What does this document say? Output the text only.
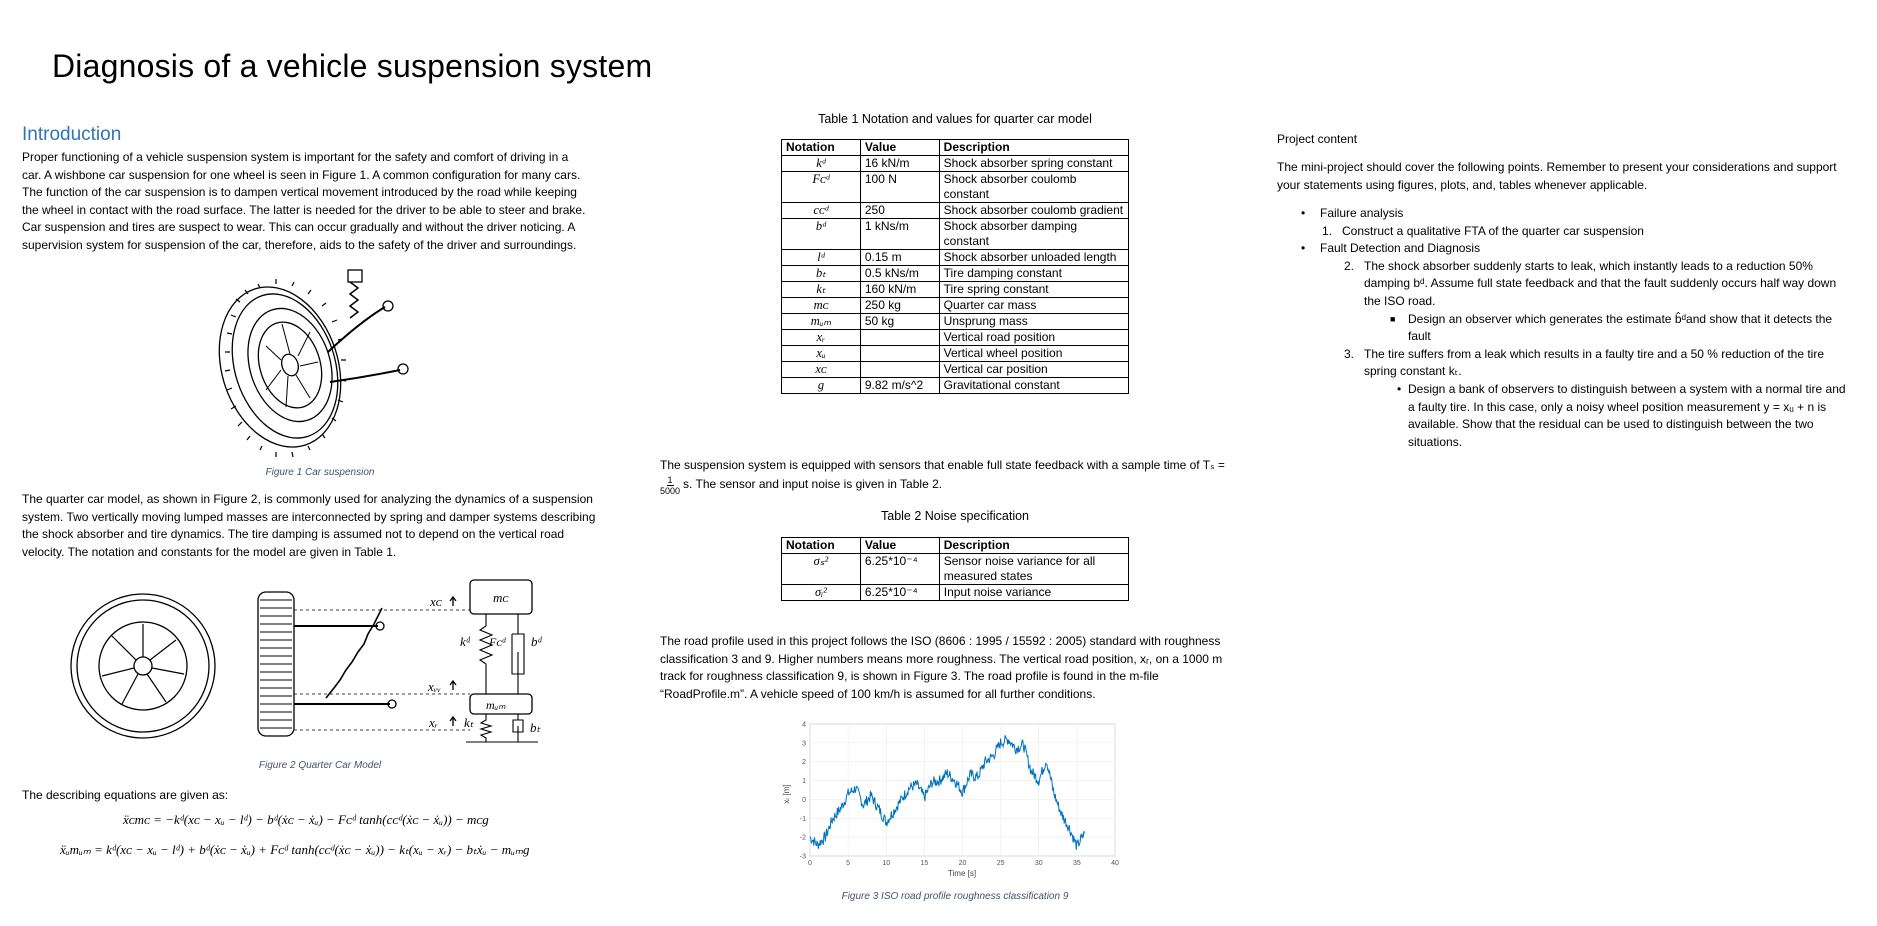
Diagnosis of a vehicle suspension system
Introduction
Proper functioning of a vehicle suspension system is important for the safety and comfort of driving in a
car. A wishbone car suspension for one wheel is seen in Figure 1. A common configuration for many cars.
The function of the car suspension is to dampen vertical movement introduced by the road while keeping
the wheel in contact with the road surface. The latter is needed for the driver to be able to steer and brake.
Car suspension and tires are suspect to wear. This can occur gradually and without the driver noticing. A
supervision system for suspension of the car, therefore, aids to the safety of the driver and surroundings.
Figure 1 Car suspension
The quarter car model, as shown in Figure 2, is commonly used for analyzing the dynamics of a suspension
system. Two vertically moving lumped masses are interconnected by spring and damper systems describing
the shock absorber and tire dynamics. The tire damping is assumed not to depend on the vertical road
velocity. The notation and constants for the model are given in Table 1.
mᴄ
mᵤₘ
xᴄ
xᵥᵥ
xᵣ
kᵈ Fᴄᵈ bᵈ
kₜ	bₜ
Figure 2 Quarter Car Model
The describing equations are given as:
ẍᴄmᴄ = −kᵈ(xᴄ − xᵤ − lᵈ) − bᵈ(ẋᴄ − ẋᵤ) − Fᴄᵈ tanh(cᴄᵈ(ẋᴄ − ẋᵤ)) − mᴄg
ẍᵤmᵤₘ = kᵈ(xᴄ − xᵤ − lᵈ) + bᵈ(ẋᴄ − ẋᵤ) + Fᴄᵈ tanh(cᴄᵈ(ẋᴄ − ẋᵤ)) − kₜ(xᵤ − xᵣ) − bₜẋᵤ − mᵤₘg
Table 1 Notation and values for quarter car model
Notation	Value	Description
kᵈ	16 kN/m	Shock absorber spring constant
Fᴄᵈ	100 N	Shock absorber coulomb constant
cᴄᵈ	250	Shock absorber coulomb gradient
bᵈ	1 kNs/m	Shock absorber damping constant
lᵈ	0.15 m	Shock absorber unloaded length
bₜ	0.5 kNs/m	Tire damping constant
kₜ	160 kN/m	Tire spring constant
mᴄ	250 kg	Quarter car mass
mᵤₘ	50 kg	Unsprung mass
xᵣ		Vertical road position
xᵤ		Vertical wheel position
xᴄ		Vertical car position
g	9.82 m/s^2	Gravitational constant
The suspension system is equipped with sensors that enable full state feedback with a sample time of Tₛ =
$\frac{1}{5000} s$. The sensor and input noise is given in Table 2.
Table 2 Noise specification
Notation	Value	Description
σₛ²	6.25*10⁻⁴	Sensor noise variance for all measured states
σᵢ²	6.25*10⁻⁴	Input noise variance
The road profile used in this project follows the ISO (8606 : 1995 / 15592 : 2005) standard with roughness
classification 3 and 9. Higher numbers means more roughness. The vertical road position, xᵣ, on a 1000 m
track for roughness classification 9, is shown in Figure 3. The road profile is found in the m-file
“RoadProfile.m”. A vehicle speed of 100 km/h is assumed for all further conditions.
0	5	10	15	20	25	30	35	40
4
3
2
1
0
-1
-2
-3
Time [s]
xᵣ [m]
Figure 3 ISO road profile roughness classification 9
Project content
The mini-project should cover the following points. Remember to present your considerations and support
your statements using figures, plots, and, tables whenever applicable.
• Failure analysis
1. Construct a qualitative FTA of the quarter car suspension
• Fault Detection and Diagnosis
2. The shock absorber suddenly starts to leak, which instantly leads to a reduction 50%
damping bᵈ. Assume full state feedback and that the fault suddenly occurs half way down
the ISO road.
■ Design an observer which generates the estimate b̂ᵈand show that it detects the
fault
3. The tire suffers from a leak which results in a faulty tire and a 50 % reduction of the tire
spring constant kₜ.
• Design a bank of observers to distinguish between a system with a normal tire and
a faulty tire. In this case, only a noisy wheel position measurement y = xᵤ + n is
available. Show that the residual can be used to distinguish between the two
situations.
